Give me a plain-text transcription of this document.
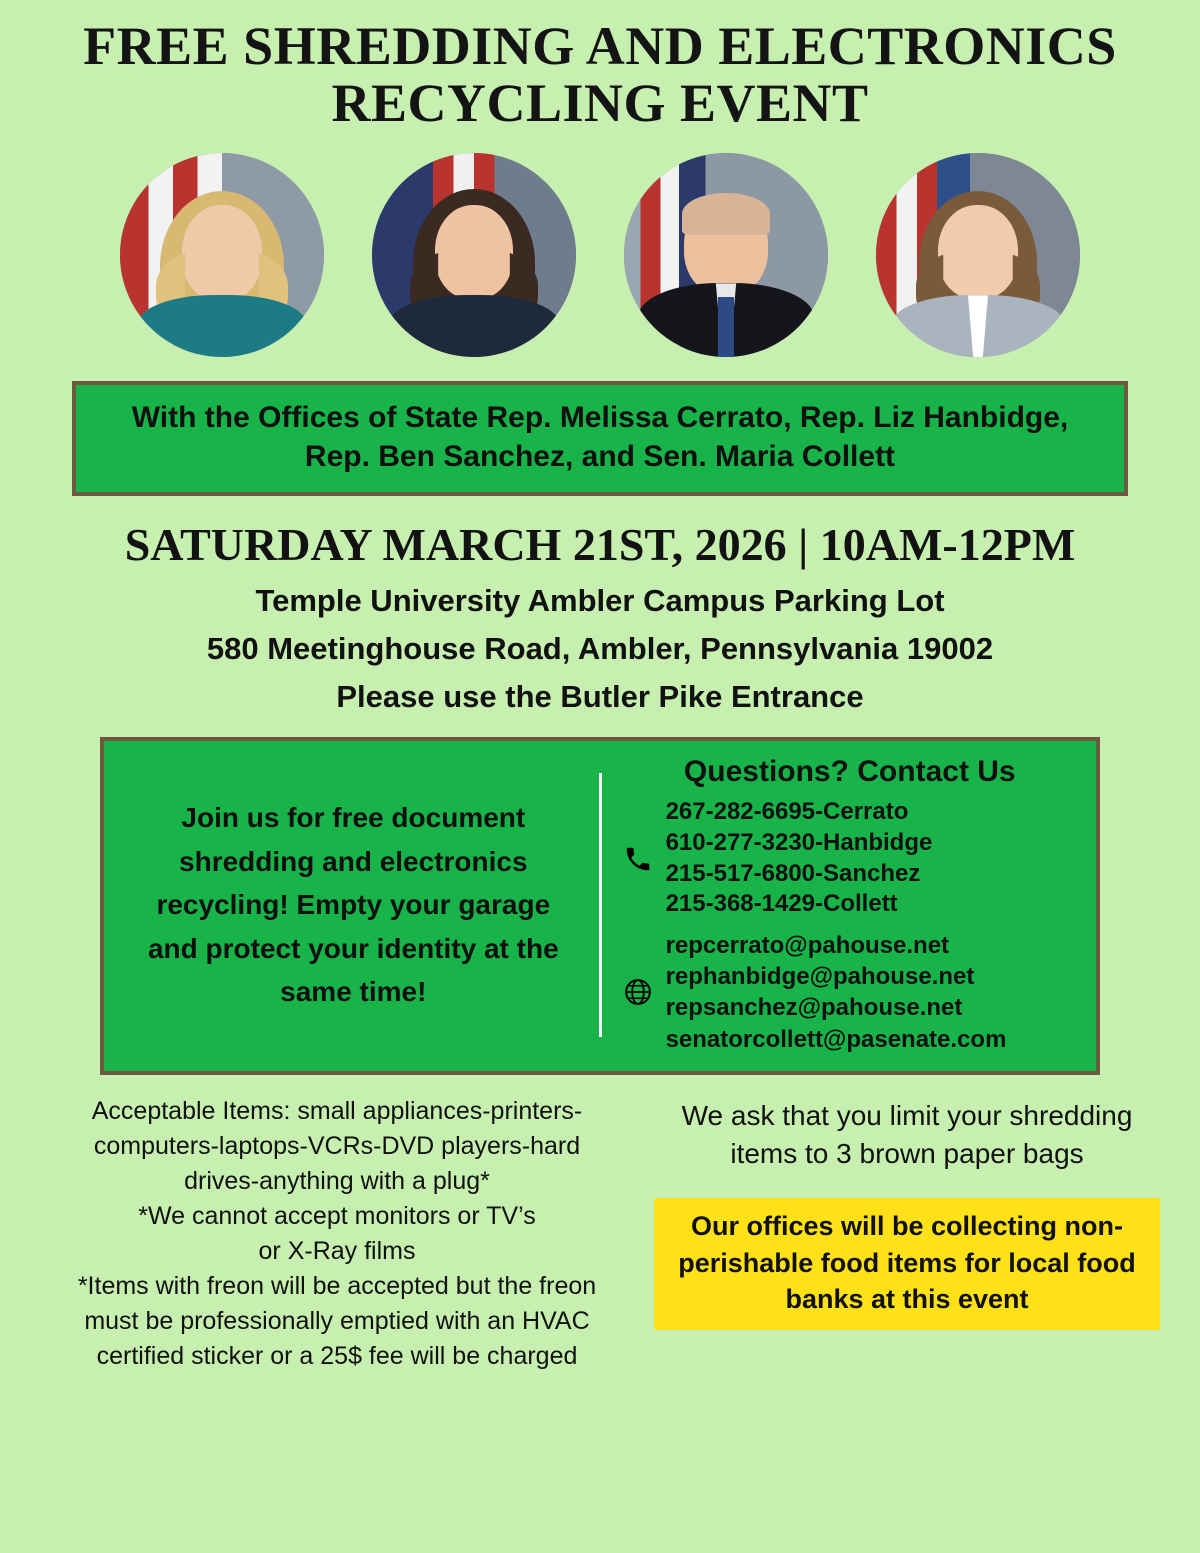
FREE SHREDDING AND ELECTRONICS RECYCLING EVENT
With the Offices of State Rep. Melissa Cerrato, Rep. Liz Hanbidge,
Rep. Ben Sanchez, and Sen. Maria Collett
SATURDAY MARCH 21ST, 2026 | 10AM-12PM
Temple University Ambler Campus Parking Lot
580 Meetinghouse Road, Ambler, Pennsylvania 19002
Please use the Butler Pike Entrance

Join us for free document shredding and electronics recycling! Empty your garage and protect your identity at the same time!

Questions? Contact Us
267-282-6695-Cerrato
610-277-3230-Hanbidge
215-517-6800-Sanchez
215-368-1429-Collett
repcerrato@pahouse.net
rephanbidge@pahouse.net
repsanchez@pahouse.net
senatorcollett@pasenate.com
Acceptable Items: small appliances-printers-
computers-laptops-VCRs-DVD players-hard
drives-anything with a plug*
*We cannot accept monitors or TV’s
or X-Ray films
*Items with freon will be accepted but the freon
must be professionally emptied with an HVAC
certified sticker or a 25$ fee will be charged
We ask that you limit your shredding items to 3 brown paper bags
Our offices will be collecting non-perishable food items for local food banks at this event
